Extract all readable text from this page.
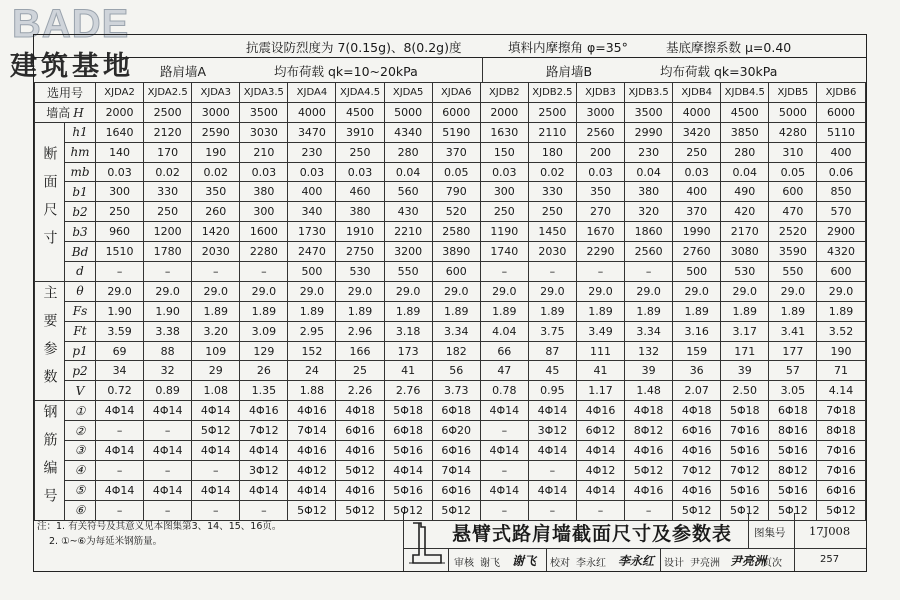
BADE
建筑基地
抗震设防烈度为 7(0.15g)、8(0.2g)度	填料内摩擦角 φ=35°	基底摩擦系数 μ=0.40
路肩墙A	均布荷载 qk=10~20kPa	路肩墙B	均布荷载 qk=30kPa
选用号		XJDA2	XJDA2.5	XJDA3	XJDA3.5	XJDA4	XJDA4.5	XJDA5	XJDA6	XJDB2	XJDB2.5	XJDB3	XJDB3.5	XJDB4	XJDB4.5	XJDB5	XJDB6
墙高 H		2000	2500	3000	3500	4000	4500	5000	6000	2000	2500	3000	3500	4000	4500	5000	6000

断面尺寸	h1	1640	2120	2590	3030	3470	3910	4340	5190	1630	2110	2560	2990	3420	3850	4280	5110
	hm	140	170	190	210	230	250	280	370	150	180	200	230	250	280	310	400
	mb	0.03	0.02	0.02	0.03	0.03	0.03	0.04	0.05	0.03	0.02	0.03	0.04	0.03	0.04	0.05	0.06
	b1	300	330	350	380	400	460	560	790	300	330	350	380	400	490	600	850
	b2	250	250	260	300	340	380	430	520	250	250	270	320	370	420	470	570
	b3	960	1200	1420	1600	1730	1910	2210	2580	1190	1450	1670	1860	1990	2170	2520	2900
	Bd	1510	1780	2030	2280	2470	2750	3200	3890	1740	2030	2290	2560	2760	3080	3590	4320
	d	–	–	–	–	500	530	550	600	–	–	–	–	500	530	550	600

主要参数	θ	29.0	29.0	29.0	29.0	29.0	29.0	29.0	29.0	29.0	29.0	29.0	29.0	29.0	29.0	29.0	29.0
	Fs	1.90	1.90	1.89	1.89	1.89	1.89	1.89	1.89	1.89	1.89	1.89	1.89	1.89	1.89	1.89	1.89
	Ft	3.59	3.38	3.20	3.09	2.95	2.96	3.18	3.34	4.04	3.75	3.49	3.34	3.16	3.17	3.41	3.52
	p1	69	88	109	129	152	166	173	182	66	87	111	132	159	171	177	190
	p2	34	32	29	26	24	25	41	56	47	45	41	39	36	39	57	71
	V	0.72	0.89	1.08	1.35	1.88	2.26	2.76	3.73	0.78	0.95	1.17	1.48	2.07	2.50	3.05	4.14

钢筋编号	①	4Φ14	4Φ14	4Φ14	4Φ16	4Φ16	4Φ18	5Φ18	6Φ18	4Φ14	4Φ14	4Φ16	4Φ18	4Φ18	5Φ18	6Φ18	7Φ18
	②	–	–	5Φ12	7Φ12	7Φ14	6Φ16	6Φ18	6Φ20	–	3Φ12	6Φ12	8Φ12	6Φ16	7Φ16	8Φ16	8Φ18
	③	4Φ14	4Φ14	4Φ14	4Φ14	4Φ16	4Φ16	5Φ16	6Φ16	4Φ14	4Φ14	4Φ14	4Φ16	4Φ16	5Φ16	5Φ16	7Φ16
	④	–	–	–	3Φ12	4Φ12	5Φ12	4Φ14	7Φ14	–	–	4Φ12	5Φ12	7Φ12	7Φ12	8Φ12	7Φ16
	⑤	4Φ14	4Φ14	4Φ14	4Φ14	4Φ14	4Φ16	5Φ16	6Φ16	4Φ14	4Φ14	4Φ14	4Φ16	4Φ16	5Φ16	5Φ16	6Φ16
	⑥	–	–	–	–	5Φ12	5Φ12	5Φ12	5Φ12	–	–	–	–	5Φ12	5Φ12	5Φ12	5Φ12
注：1. 有关符号及其意义见本图集第3、14、15、16页。
2. ①~⑥为每延米钢筋量。	悬臂式路肩墙截面尺寸及参数表 图集号 17J008
审核 谢飞 谢飞 校对 李永红 李永红 设计 尹亮洲 尹亮洲
页次	257
